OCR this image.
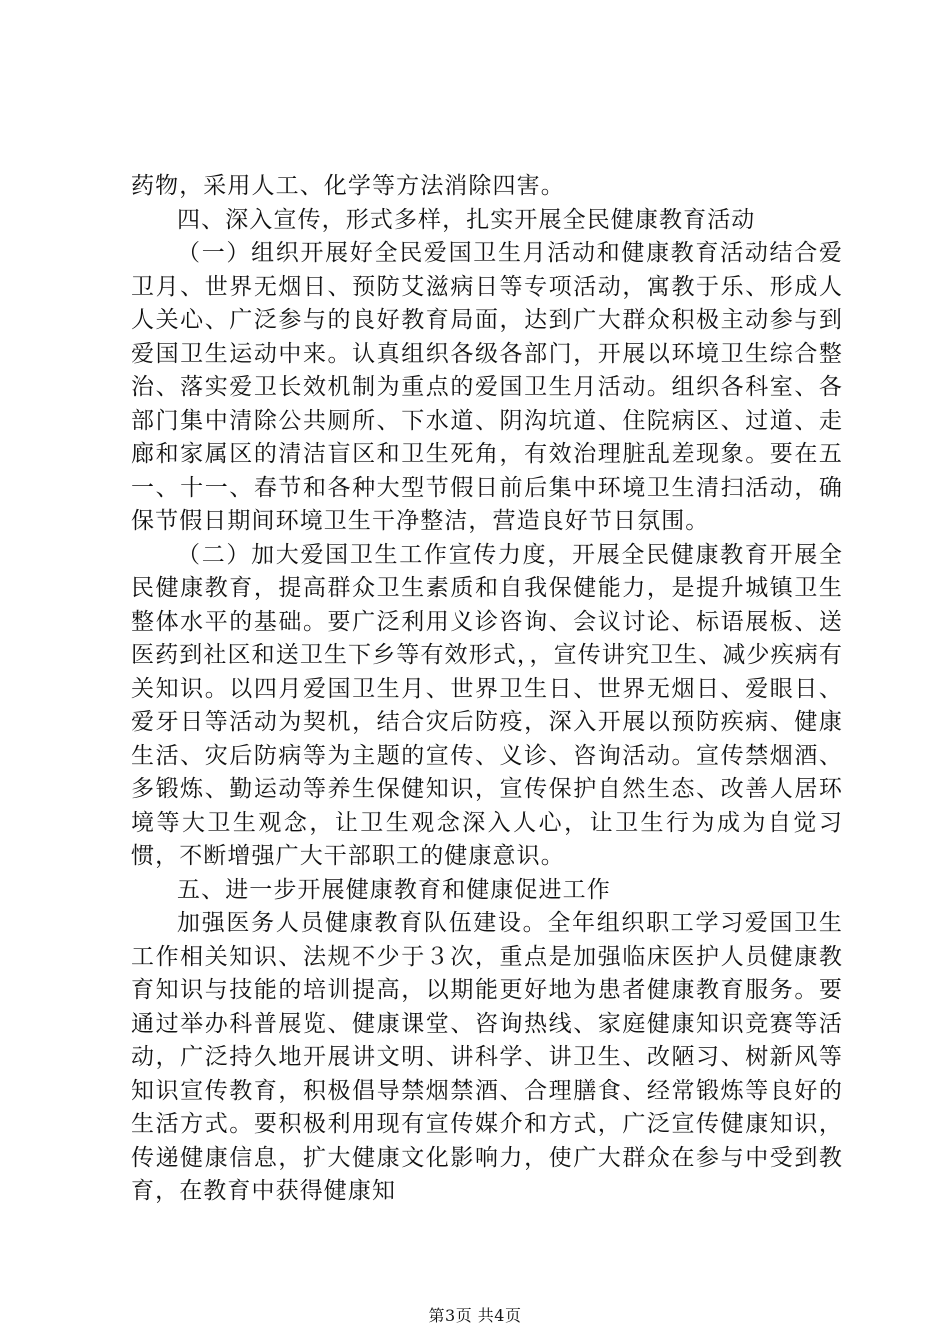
药物，采用人工、化学等方法消除四害。

四、深入宣传，形式多样，扎实开展全民健康教育活动

（一）组织开展好全民爱国卫生月活动和健康教育活动结合爱卫月、世界无烟日、预防艾滋病日等专项活动，寓教于乐、形成人人关心、广泛参与的良好教育局面，达到广大群众积极主动参与到爱国卫生运动中来。认真组织各级各部门，开展以环境卫生综合整治、落实爱卫长效机制为重点的爱国卫生月活动。组织各科室、各部门集中清除公共厕所、下水道、阴沟坑道、住院病区、过道、走廊和家属区的清洁盲区和卫生死角，有效治理脏乱差现象。要在五一、十一、春节和各种大型节假日前后集中环境卫生清扫活动，确保节假日期间环境卫生干净整洁，营造良好节日氛围。

（二）加大爱国卫生工作宣传力度，开展全民健康教育开展全民健康教育，提高群众卫生素质和自我保健能力，是提升城镇卫生整体水平的基础。要广泛利用义诊咨询、会议讨论、标语展板、送医药到社区和送卫生下乡等有效形式，，宣传讲究卫生、减少疾病有关知识。以四月爱国卫生月、世界卫生日、世界无烟日、爱眼日、爱牙日等活动为契机，结合灾后防疫，深入开展以预防疾病、健康生活、灾后防病等为主题的宣传、义诊、咨询活动。宣传禁烟酒、多锻炼、勤运动等养生保健知识，宣传保护自然生态、改善人居环境等大卫生观念，让卫生观念深入人心，让卫生行为成为自觉习惯，不断增强广大干部职工的健康意识。

五、进一步开展健康教育和健康促进工作

加强医务人员健康教育队伍建设。全年组织职工学习爱国卫生工作相关知识、法规不少于３次，重点是加强临床医护人员健康教育知识与技能的培训提高，以期能更好地为患者健康教育服务。要通过举办科普展览、健康课堂、咨询热线、家庭健康知识竞赛等活动，广泛持久地开展讲文明、讲科学、讲卫生、改陋习、树新风等知识宣传教育，积极倡导禁烟禁酒、合理膳食、经常锻炼等良好的生活方式。要积极利用现有宣传媒介和方式，广泛宣传健康知识，传递健康信息，扩大健康文化影响力，使广大群众在参与中受到教育，在教育中获得健康知

第3页 共4页
